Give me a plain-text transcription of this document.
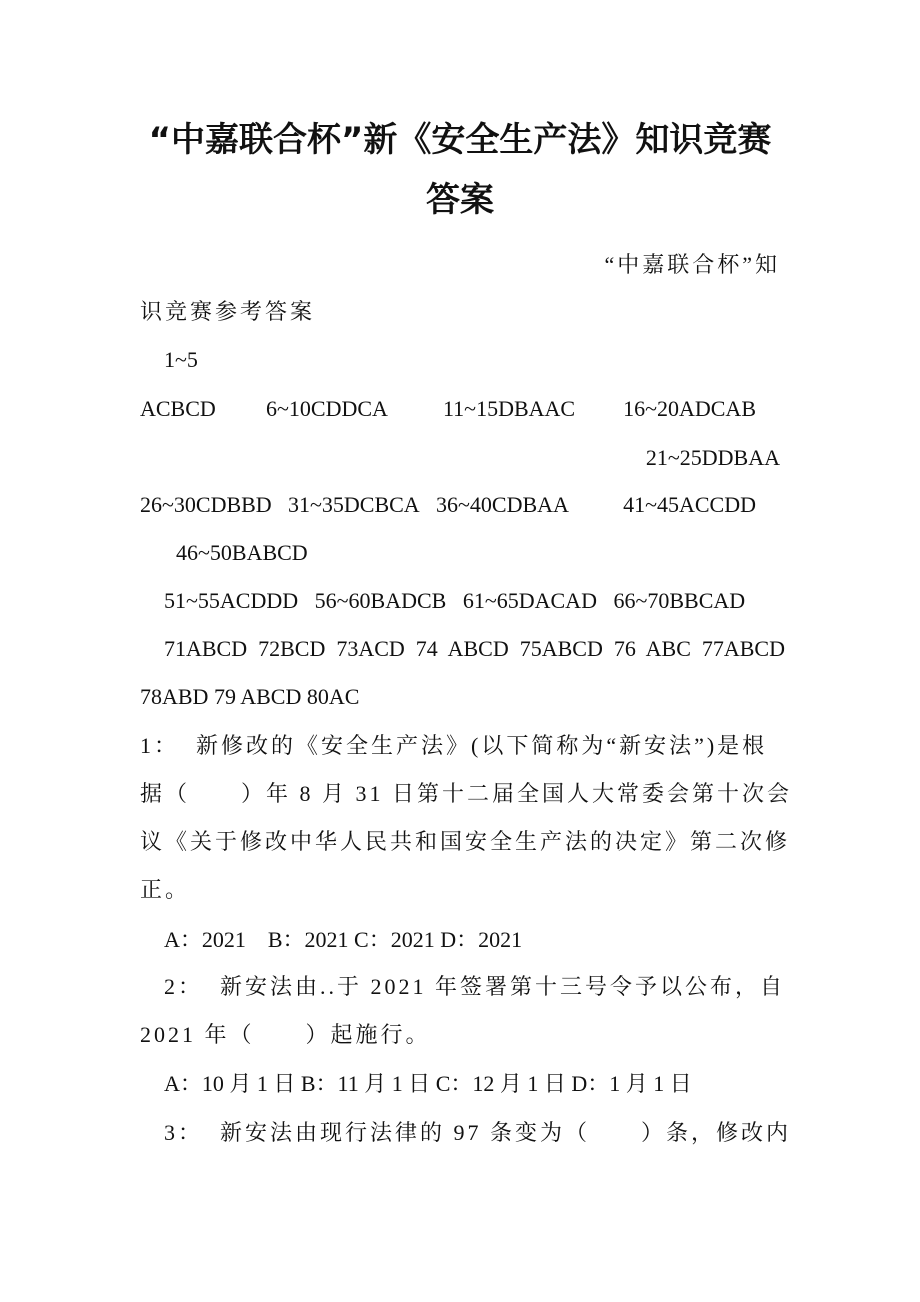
“中嘉联合杯”新《安全生产法》知识竞赛
答案
“中嘉联合杯”知
识竞赛参考答案
1~5
ACBCD 6~10CDDCA	11~15DBAAC 16~20ADCAB
21~25DDBAA
26~30CDBBD 31~35DCBCA 36~40CDBAA 41~45ACCDD
46~50BABCD
51~55ACDDD   56~60BADCB   61~65DACAD   66~70BBCAD
71ABCD  72BCD  73ACD  74  ABCD  75ABCD  76  ABC  77ABCD
78ABD 79 ABCD 80AC
1：  新修改的《安全生产法》(以下简称为“新安法”)是根
据（      ）年 8 月 31 日第十二届全国人大常委会第十次会
议《关于修改中华人民共和国安全生产法的决定》第二次修
正。
A：2021    B：2021 C：2021 D：2021
2：  新安法由..于 2021 年签署第十三号令予以公布，自
2021 年（      ）起施行。
A：10 月 1 日 B：11 月 1 日 C：12 月 1 日 D：1 月 1 日
3：  新安法由现行法律的 97 条变为（      ）条，修改内
